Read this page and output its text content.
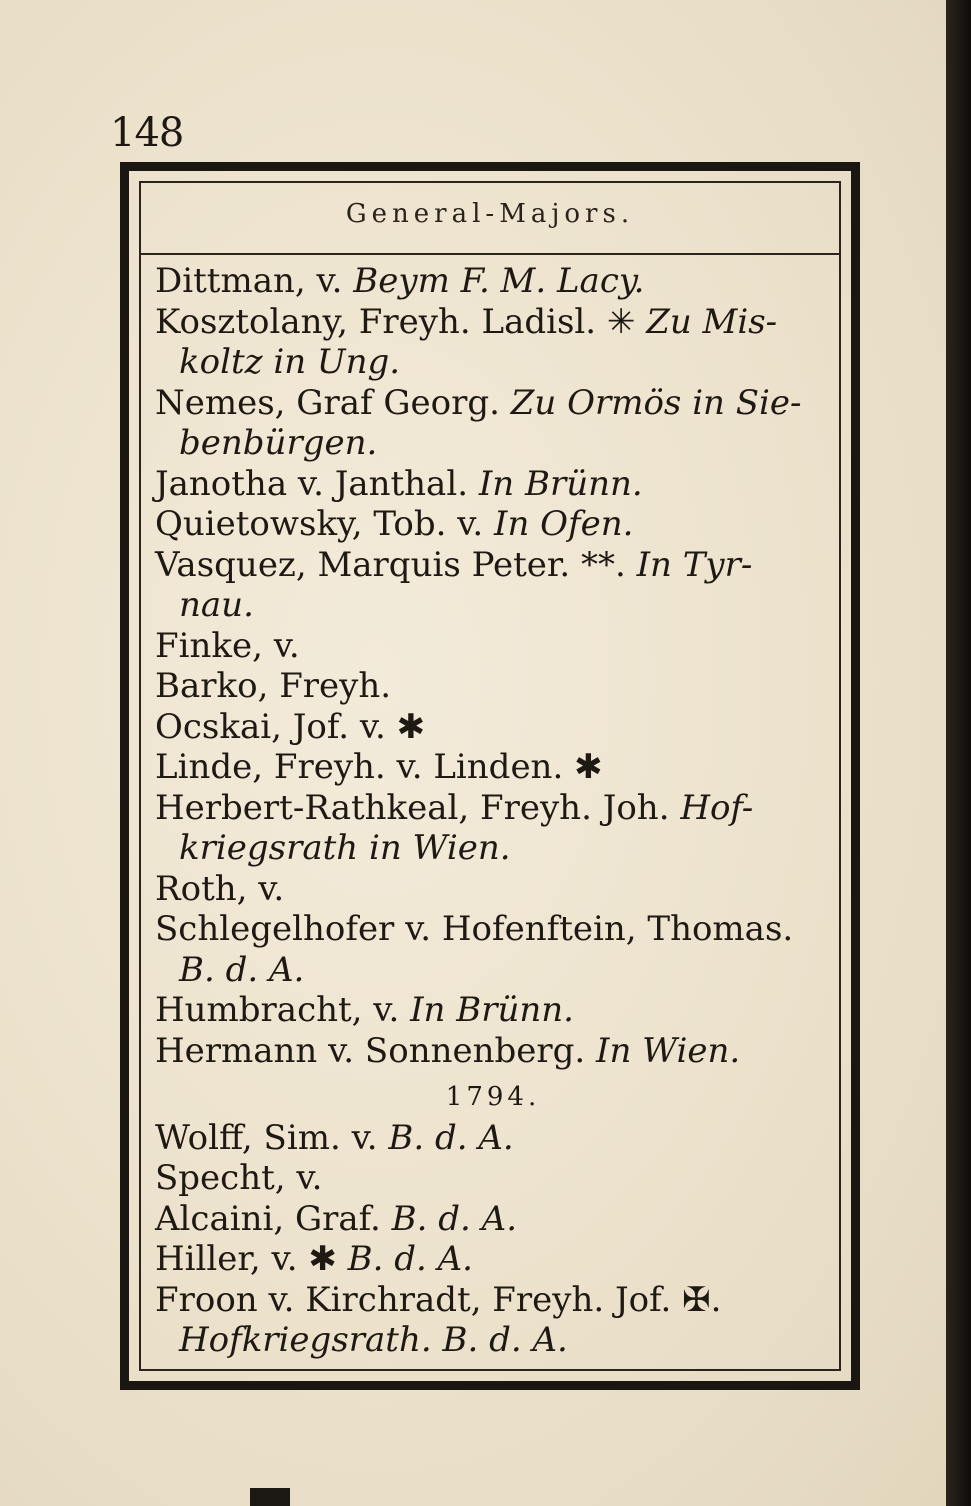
148
General-Majors.
Dittman, v. Beym F. M. Lacy.
Kosztolany, Freyh. Ladisl. ✳ Zu Mis-
koltz in Ung.
Nemes, Graf Georg. Zu Ormös in Sie-
benbürgen.
Janotha v. Janthal. In Brünn.
Quietowsky, Tob. v. In Ofen.
Vasquez, Marquis Peter. **. In Tyr-
nau.
Finke, v.
Barko, Freyh.
Ocskai, Jof. v. ✱
Linde, Freyh. v. Linden. ✱
Herbert-Rathkeal, Freyh. Joh. Hof-
kriegsrath in Wien.
Roth, v.
Schlegelhofer v. Hofenftein, Thomas.
B. d. A.
Humbracht, v. In Brünn.
Hermann v. Sonnenberg. In Wien.
1794.
Wolff, Sim. v. B. d. A.
Specht, v.
Alcaini, Graf. B. d. A.
Hiller, v. ✱ B. d. A.
Froon v. Kirchradt, Freyh. Jof. ✠.
Hofkriegsrath. B. d. A.
